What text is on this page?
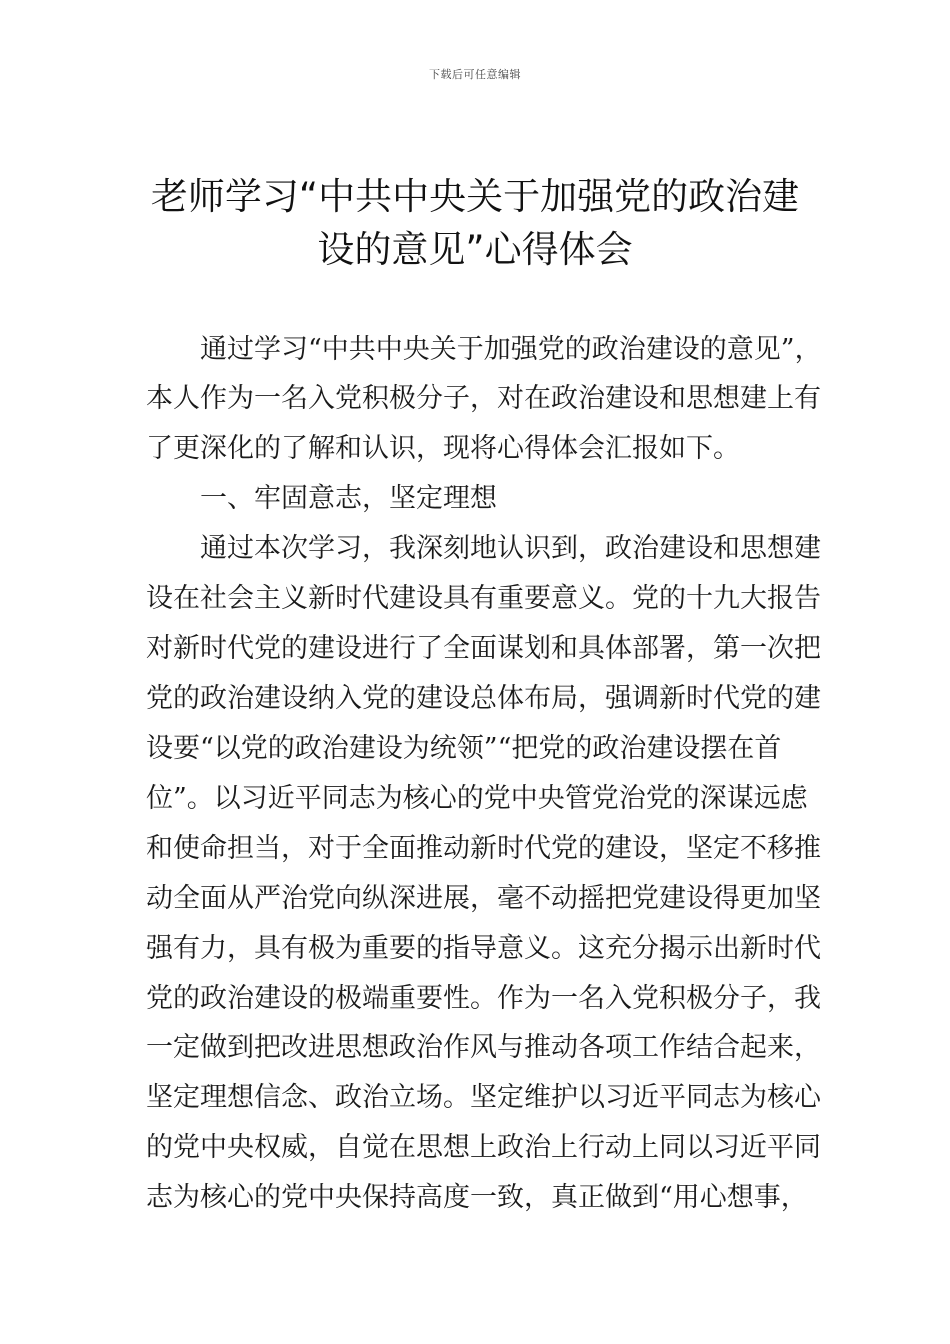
下载后可任意编辑
老师学习“中共中央关于加强党的政治建
设的意见”心得体会
　　通过学习“中共中央关于加强党的政治建设的意见”，
本人作为一名入党积极分子，对在政治建设和思想建上有
了更深化的了解和认识，现将心得体会汇报如下。
　　一、牢固意志，坚定理想
　　通过本次学习，我深刻地认识到，政治建设和思想建
设在社会主义新时代建设具有重要意义。党的十九大报告
对新时代党的建设进行了全面谋划和具体部署，第一次把
党的政治建设纳入党的建设总体布局，强调新时代党的建
设要“以党的政治建设为统领”“把党的政治建设摆在首
位”。以习近平同志为核心的党中央管党治党的深谋远虑
和使命担当，对于全面推动新时代党的建设，坚定不移推
动全面从严治党向纵深进展，毫不动摇把党建设得更加坚
强有力，具有极为重要的指导意义。这充分揭示出新时代
党的政治建设的极端重要性。作为一名入党积极分子，我
一定做到把改进思想政治作风与推动各项工作结合起来，
坚定理想信念、政治立场。坚定维护以习近平同志为核心
的党中央权威，自觉在思想上政治上行动上同以习近平同
志为核心的党中央保持高度一致，真正做到“用心想事，
